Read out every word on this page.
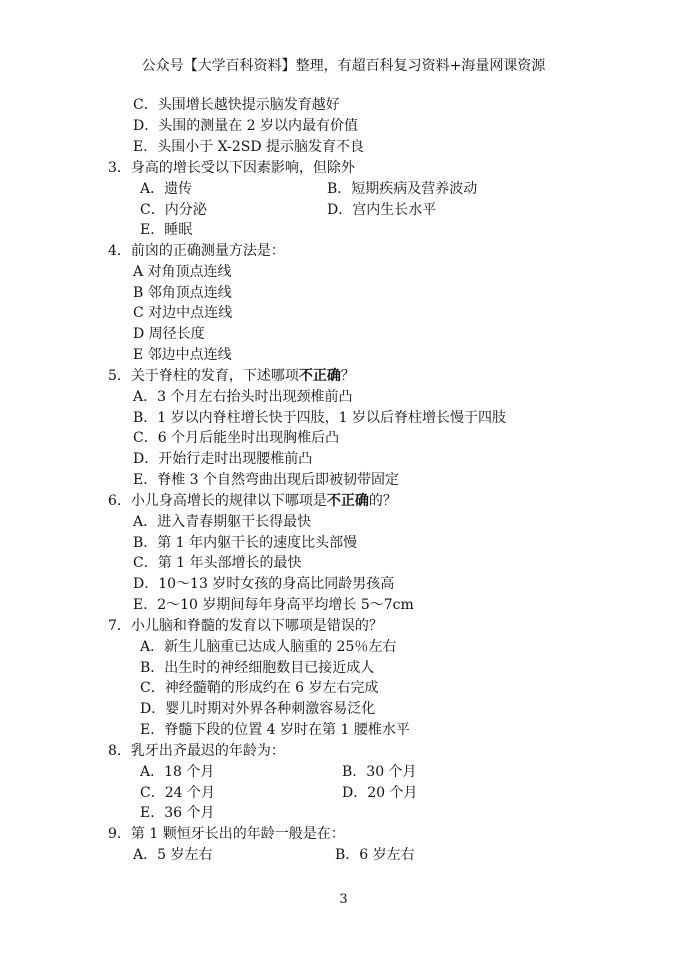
公众号【大学百科资料】整理，有超百科复习资料+海量网课资源
C．头围增长越快提示脑发育越好
D．头围的测量在 2 岁以内最有价值
E．头围小于 X-2SD 提示脑发育不良
3．身高的增长受以下因素影响，但除外
A．遗传	B．短期疾病及营养波动
C．内分泌	D．宫内生长水平
E．睡眠
4．前囟的正确测量方法是：
A 对角顶点连线
B 邻角顶点连线
C 对边中点连线
D 周径长度
E 邻边中点连线
5．关于脊柱的发育，下述哪项不正确？
A．3 个月左右抬头时出现颈椎前凸
B．1 岁以内脊柱增长快于四肢，1 岁以后脊柱增长慢于四肢
C．6 个月后能坐时出现胸椎后凸
D．开始行走时出现腰椎前凸
E．脊椎 3 个自然弯曲出现后即被韧带固定
6．小儿身高增长的规律以下哪项是不正确的？
A．进入青春期躯干长得最快
B．第 1 年内躯干长的速度比头部慢
C．第 1 年头部增长的最快
D．10～13 岁时女孩的身高比同龄男孩高
E．2～10 岁期间每年身高平均增长 5～7cm
7．小儿脑和脊髓的发育以下哪项是错误的？
A．新生儿脑重已达成人脑重的 25％左右
B．出生时的神经细胞数目已接近成人
C．神经髓鞘的形成约在 6 岁左右完成
D．婴儿时期对外界各种刺激容易泛化
E．脊髓下段的位置 4 岁时在第 1 腰椎水平
8．乳牙出齐最迟的年龄为：
A．18 个月	B．30 个月
C．24 个月	D．20 个月
E．36 个月
9．第 1 颗恒牙长出的年龄一般是在：
A．5 岁左右	B．6 岁左右
3
